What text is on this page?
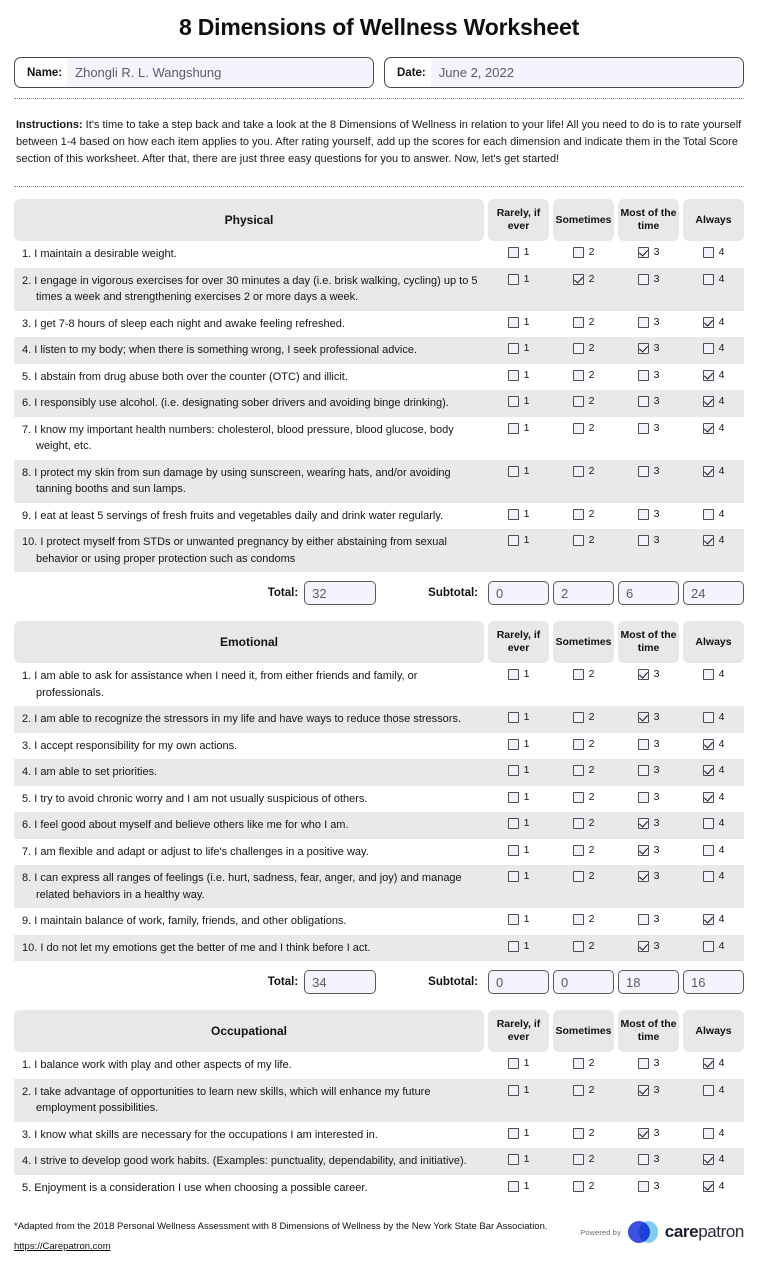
8 Dimensions of Wellness Worksheet
Name:	Zhongli R. L. Wangshung	Date:	June 2, 2022

Instructions: It's time to take a step back and take a look at the 8 Dimensions of Wellness in relation to your life! All you need to do is to rate yourself between 1-4 based on how each item applies to you. After rating yourself, add up the scores for each dimension and indicate them in the Total Score section of this worksheet. After that, there are just three easy questions for you to answer. Now, let's get started!

Physical
Rarely, if ever
Sometimes
Most of the time
Always
1. I maintain a desirable weight.	1	2	3	4
2. I engage in vigorous exercises for over 30 minutes a day (i.e. brisk walking, cycling) up to 5 times a week and strengthening exercises 2 or more days a week.
1	2	3	4
3. I get 7-8 hours of sleep each night and awake feeling refreshed.	1	2	3	4
4. I listen to my body; when there is something wrong, I seek professional advice.	1	2	3	4
5. I abstain from drug abuse both over the counter (OTC) and illicit.	1	2	3	4
6. I responsibly use alcohol. (i.e. designating sober drivers and avoiding binge drinking).	1	2	3	4
7. I know my important health numbers: cholesterol, blood pressure, blood glucose, body weight, etc.
1	2	3	4
8. I protect my skin from sun damage by using sunscreen, wearing hats, and/or avoiding tanning booths and sun lamps.
1	2	3	4
9. I eat at least 5 servings of fresh fruits and vegetables daily and drink water regularly.	1	2	3	4
10. I protect myself from STDs or unwanted pregnancy by either abstaining from sexual behavior or using proper protection such as condoms
1	2	3	4
Total:	32	Subtotal:	0	2	6	24
Emotional
Rarely, if ever
Sometimes
Most of the time
Always
1. I am able to ask for assistance when I need it, from either friends and family, or professionals.
1	2	3	4
2. I am able to recognize the stressors in my life and have ways to reduce those stressors.	1	2	3	4
3. I accept responsibility for my own actions.	1	2	3	4
4. I am able to set priorities.	1	2	3	4
5. I try to avoid chronic worry and I am not usually suspicious of others.	1	2	3	4
6. I feel good about myself and believe others like me for who I am.	1	2	3	4
7. I am flexible and adapt or adjust to life's challenges in a positive way.	1	2	3	4
8. I can express all ranges of feelings (i.e. hurt, sadness, fear, anger, and joy) and manage related behaviors in a healthy way.
1	2	3	4
9. I maintain balance of work, family, friends, and other obligations.	1	2	3	4
10. I do not let my emotions get the better of me and I think before I act.	1	2	3	4
Total:	34	Subtotal:	0	0	18	16
Occupational
Rarely, if ever
Sometimes
Most of the time
Always
1. I balance work with play and other aspects of my life.	1	2	3	4
2. I take advantage of opportunities to learn new skills, which will enhance my future employment possibilities.
1	2	3	4
3. I know what skills are necessary for the occupations I am interested in.	1	2	3	4
4. I strive to develop good work habits. (Examples: punctuality, dependability, and initiative).	1	2	3	4
5. Enjoyment is a consideration I use when choosing a possible career.	1	2	3	4
*Adapted from the 2018 Personal Wellness Assessment with 8 Dimensions of Wellness by the New York State Bar Association.
https://Carepatron.com
Powered by	carepatron
